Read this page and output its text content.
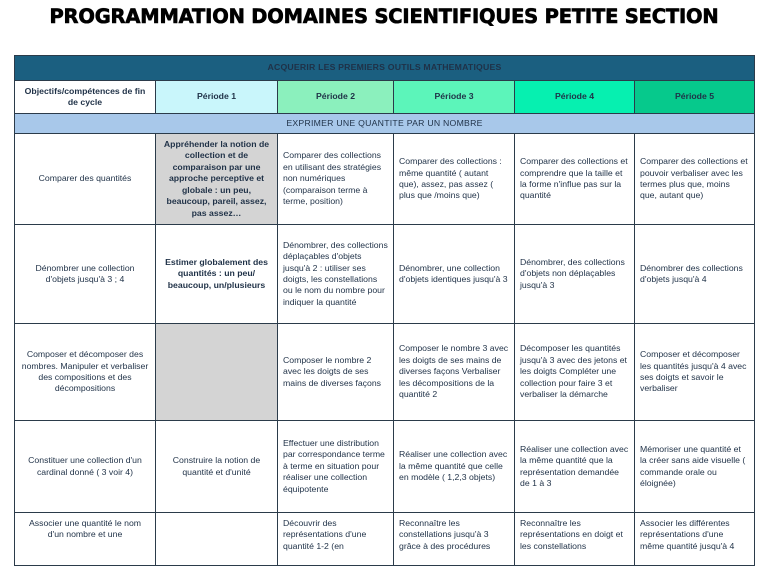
PROGRAMMATION DOMAINES SCIENTIFIQUES PETITE SECTION
ACQUERIR LES PREMIERS OUTILS MATHEMATIQUES					
Objectifs/compétences de fin de cycle	Période 1	Période 2	Période 3	Période 4	Période 5
EXPRIMER UNE QUANTITE PAR UN NOMBRE					
Comparer des quantités	Appréhender la notion de collection et de comparaison par une approche perceptive et globale : un peu, beaucoup, pareil, assez, pas assez…	Comparer des collections en utilisant des stratégies non numériques (comparaison terme à terme, position)	Comparer des collections : même quantité ( autant que), assez, pas assez ( plus que /moins que)	Comparer des collections et comprendre que la taille et la forme n'influe pas sur la quantité	Comparer des collections et pouvoir verbaliser avec les termes plus que, moins que, autant que)
Dénombrer une collection d'objets jusqu'à 3 ; 4	Estimer globalement des quantités : un peu/ beaucoup, un/plusieurs	Dénombrer, des collections déplaçables d'objets jusqu'à 2 : utiliser ses doigts, les constellations ou le nom du nombre pour indiquer la quantité	Dénombrer, une collection d'objets identiques jusqu'à 3	Dénombrer, des collections d'objets non déplaçables jusqu'à 3	Dénombrer des collections d'objets jusqu'à 4
Composer et décomposer des nombres. Manipuler et verbaliser des compositions et des décompositions		Composer le nombre 2 avec les doigts de ses mains de diverses façons	Composer le nombre 3 avec les doigts de ses mains de diverses façons Verbaliser les décompositions de la quantité 2	Décomposer les quantités jusqu'à 3 avec des jetons et les doigts Compléter une collection pour faire 3 et verbaliser la démarche	Composer et décomposer les quantités jusqu'à 4 avec ses doigts et savoir le verbaliser
Constituer une collection d'un cardinal donné ( 3 voir 4)	Construire la notion de quantité et d'unité	Effectuer une distribution par correspondance terme à terme en situation pour réaliser une collection équipotente	Réaliser une collection avec la même quantité que celle en modèle ( 1,2,3 objets)	Réaliser une collection avec la même quantité que la représentation demandée de 1 à 3	Mémoriser une quantité et la créer sans aide visuelle ( commande orale ou éloignée)
Associer une quantité le nom d'un nombre et une		Découvrir des représentations d'une quantité 1-2 (en	Reconnaître les constellations jusqu'à 3 grâce à des procédures	Reconnaître les représentations en doigt et les constellations	Associer les différentes représentations d'une même quantité jusqu'à 4
